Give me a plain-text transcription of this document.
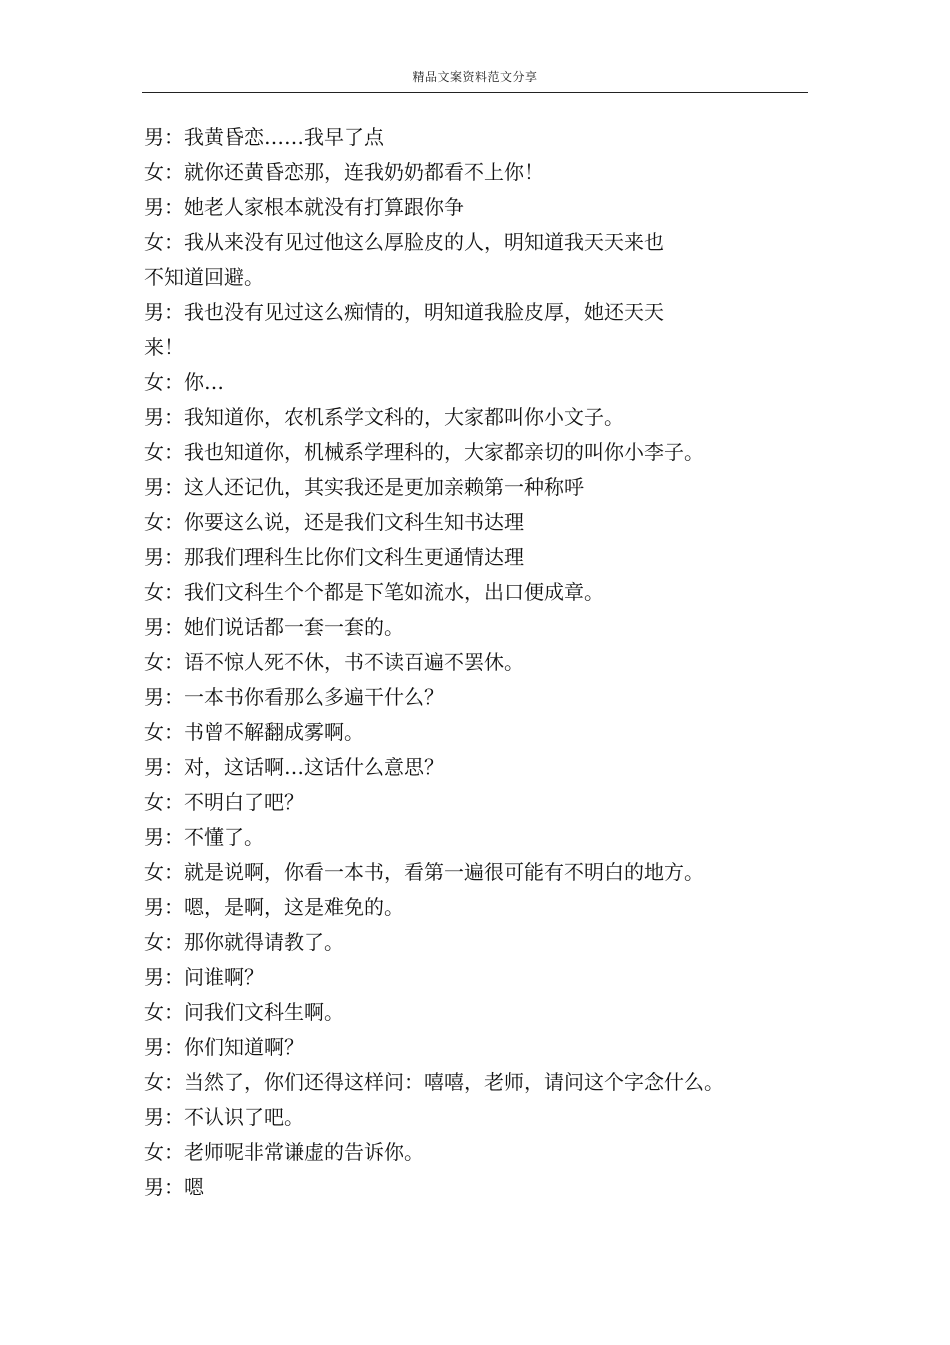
精品文案资料范文分享
男：我黄昏恋……我早了点
女：就你还黄昏恋那，连我奶奶都看不上你！
男：她老人家根本就没有打算跟你争
女：我从来没有见过他这么厚脸皮的人，明知道我天天来也
不知道回避。
男：我也没有见过这么痴情的，明知道我脸皮厚，她还天天
来！
女：你…
男：我知道你，农机系学文科的，大家都叫你小文子。
女：我也知道你，机械系学理科的，大家都亲切的叫你小李子。
男：这人还记仇，其实我还是更加亲赖第一种称呼
女：你要这么说，还是我们文科生知书达理
男：那我们理科生比你们文科生更通情达理
女：我们文科生个个都是下笔如流水，出口便成章。
男：她们说话都一套一套的。
女：语不惊人死不休，书不读百遍不罢休。
男：一本书你看那么多遍干什么？
女：书曾不解翻成雾啊。
男：对，这话啊…这话什么意思？
女：不明白了吧？
男：不懂了。
女：就是说啊，你看一本书，看第一遍很可能有不明白的地方。
男：嗯，是啊，这是难免的。
女：那你就得请教了。
男：问谁啊？
女：问我们文科生啊。
男：你们知道啊？
女：当然了，你们还得这样问：嘻嘻，老师，请问这个字念什么。
男：不认识了吧。
女：老师呢非常谦虚的告诉你。
男：嗯
